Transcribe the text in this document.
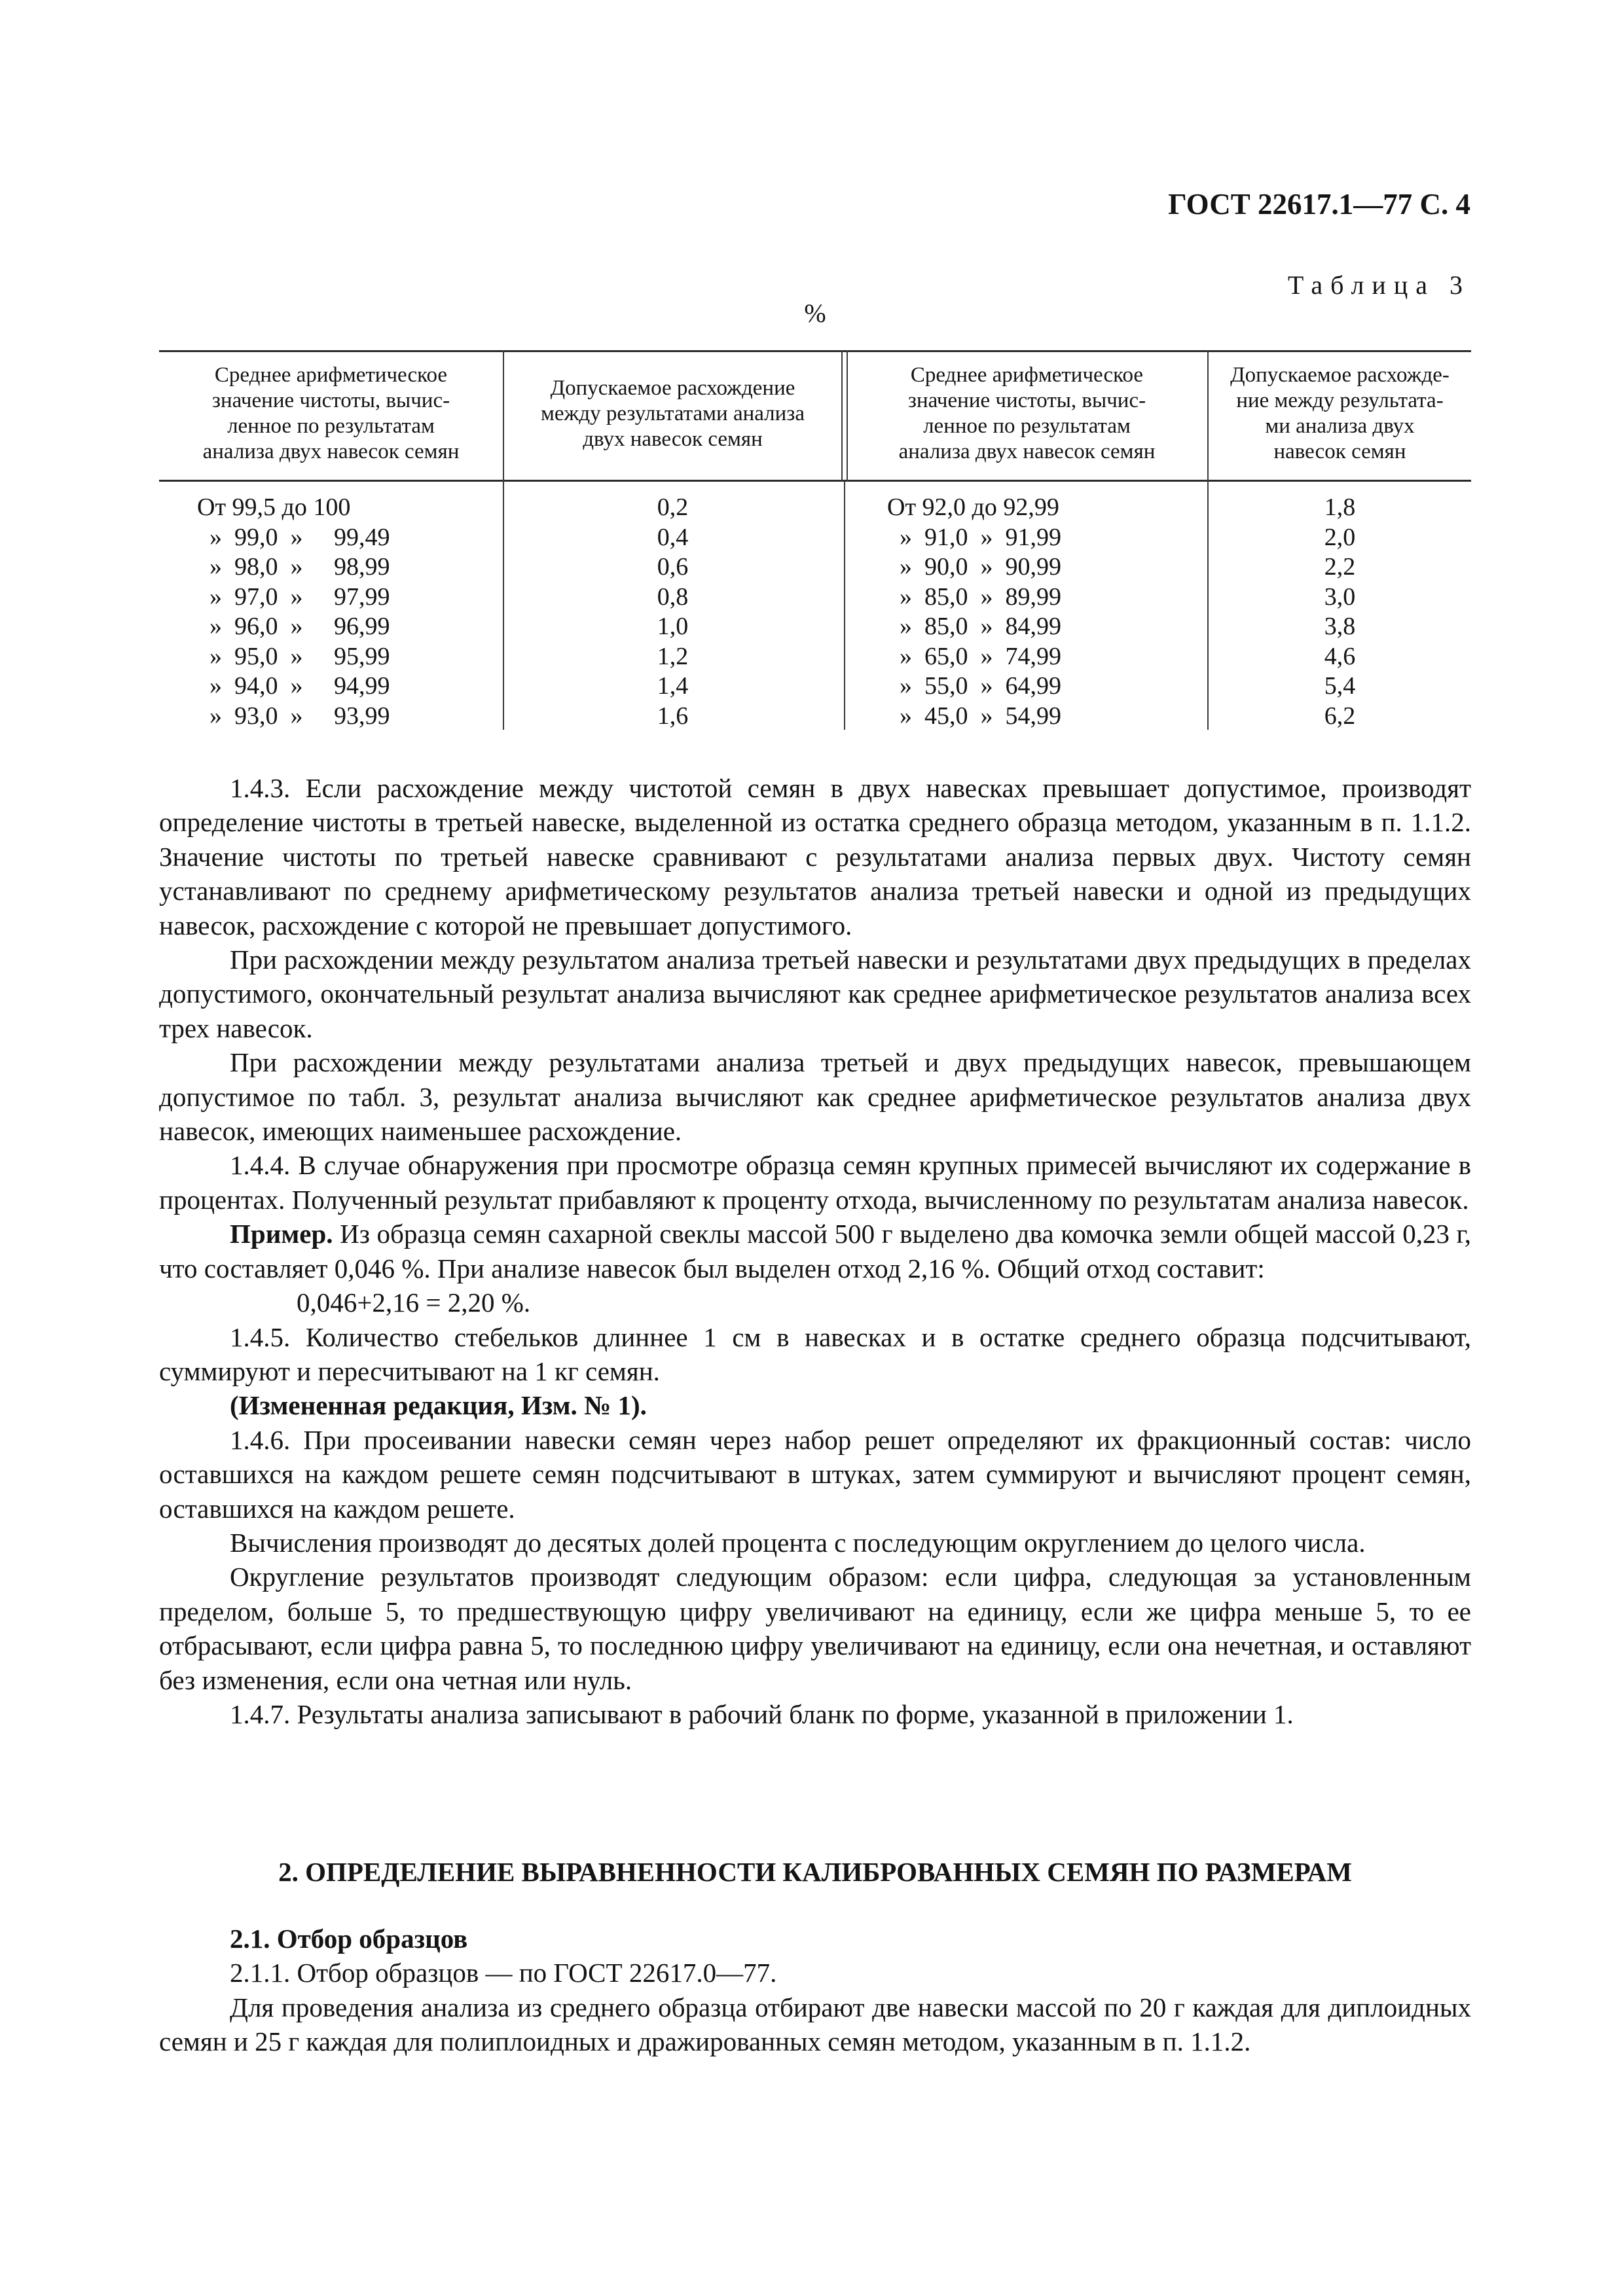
ГОСТ 22617.1—77 С. 4
Таблица 3
%
Среднее арифметическое
значение чистоты, вычис-
ленное по результатам
анализа двух навесок семян
Допускаемое расхождение
между результатами анализа
двух навесок семян
Среднее арифметическое
значение чистоты, вычис-
ленное по результатам
анализа двух навесок семян
Допускаемое расхожде-
ние между результата-
ми анализа двух
навесок семян
От 99,5 до 100
»  99,0  »     99,49
»  98,0  »     98,99
»  97,0  »     97,99
»  96,0  »     96,99
»  95,0  »     95,99
»  94,0  »     94,99
»  93,0  »     93,99
0,2
0,4
0,6
0,8
1,0
1,2
1,4
1,6
От 92,0 до 92,99
»  91,0  »  91,99
»  90,0  »  90,99
»  85,0  »  89,99
»  85,0  »  84,99
»  65,0  »  74,99
»  55,0  »  64,99
»  45,0  »  54,99
1,8
2,0
2,2
3,0
3,8
4,6
5,4
6,2

1.4.3. Если расхождение между чистотой семян в двух навесках превышает допустимое, производят определение чистоты в третьей навеске, выделенной из остатка среднего образца методом, указанным в п. 1.1.2. Значение чистоты по третьей навеске сравнивают с результатами анализа первых двух. Чистоту семян устанавливают по среднему арифметическому результатов анализа третьей навески и одной из предыдущих навесок, расхождение с которой не превышает допустимого.

При расхождении между результатом анализа третьей навески и результатами двух предыдущих в пределах допустимого, окончательный результат анализа вычисляют как среднее арифметическое результатов анализа всех трех навесок.

При расхождении между результатами анализа третьей и двух предыдущих навесок, превышающем допустимое по табл. 3, результат анализа вычисляют как среднее арифметическое результатов анализа двух навесок, имеющих наименьшее расхождение.

1.4.4. В случае обнаружения при просмотре образца семян крупных примесей вычисляют их содержание в процентах. Полученный результат прибавляют к проценту отхода, вычисленному по результатам анализа навесок.

Пример. Из образца семян сахарной свеклы массой 500 г выделено два комочка земли общей массой 0,23 г, что составляет 0,046 %. При анализе навесок был выделен отход 2,16 %. Общий отход составит:

0,046+2,16 = 2,20 %.

1.4.5. Количество стебельков длиннее 1 см в навесках и в остатке среднего образца подсчитывают, суммируют и пересчитывают на 1 кг семян.

(Измененная редакция, Изм. № 1).

1.4.6. При просеивании навески семян через набор решет определяют их фракционный состав: число оставшихся на каждом решете семян подсчитывают в штуках, затем суммируют и вычисляют процент семян, оставшихся на каждом решете.

Вычисления производят до десятых долей процента с последующим округлением до целого числа.

Округление результатов производят следующим образом: если цифра, следующая за установленным пределом, больше 5, то предшествующую цифру увеличивают на единицу, если же цифра меньше 5, то ее отбрасывают, если цифра равна 5, то последнюю цифру увеличивают на единицу, если она нечетная, и оставляют без изменения, если она четная или нуль.

1.4.7. Результаты анализа записывают в рабочий бланк по форме, указанной в приложении 1.

2. ОПРЕДЕЛЕНИЕ ВЫРАВНЕННОСТИ КАЛИБРОВАННЫХ СЕМЯН ПО РАЗМЕРАМ

2.1. Отбор образцов

2.1.1. Отбор образцов — по ГОСТ 22617.0—77.

Для проведения анализа из среднего образца отбирают две навески массой по 20 г каждая для диплоидных семян и 25 г каждая для полиплоидных и дражированных семян методом, указанным в п. 1.1.2.
